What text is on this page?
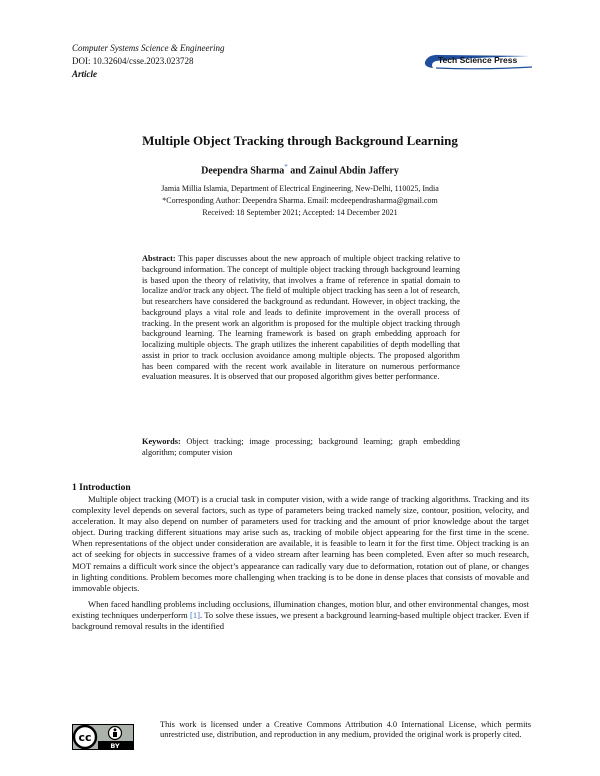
Computer Systems Science & Engineering
DOI: 10.32604/csse.2023.023728
Article
Tech Science Press
Multiple Object Tracking through Background Learning
Deependra Sharma* and Zainul Abdin Jaffery
Jamia Millia Islamia, Department of Electrical Engineering, New-Delhi, 110025, India
*Corresponding Author: Deependra Sharma. Email: mcdeependrasharma@gmail.com
Received: 18 September 2021; Accepted: 14 December 2021
Abstract: This paper discusses about the new approach of multiple object tracking relative to background information. The concept of multiple object tracking through background learning is based upon the theory of relativity, that involves a frame of reference in spatial domain to localize and/or track any object. The field of multiple object tracking has seen a lot of research, but researchers have considered the background as redundant. However, in object tracking, the background plays a vital role and leads to definite improvement in the overall process of tracking. In the present work an algorithm is proposed for the multiple object tracking through background learning. The learning framework is based on graph embedding approach for localizing multiple objects. The graph utilizes the inherent capabilities of depth modelling that assist in prior to track occlusion avoidance among multiple objects. The proposed algorithm has been compared with the recent work available in literature on numerous performance evaluation measures. It is observed that our proposed algorithm gives better performance.
Keywords: Object tracking; image processing; background learning; graph embedding algorithm; computer vision
1 Introduction

Multiple object tracking (MOT) is a crucial task in computer vision, with a wide range of tracking algorithms. Tracking and its complexity level depends on several factors, such as type of parameters being tracked namely size, contour, position, velocity, and acceleration. It may also depend on number of parameters used for tracking and the amount of prior knowledge about the target object. During tracking different situations may arise such as, tracking of mobile object appearing for the first time in the scene. When representations of the object under consideration are available, it is feasible to learn it for the first time. Object tracking is an act of seeking for objects in successive frames of a video stream after learning has been completed. Even after so much research, MOT remains a difficult work since the object’s appearance can radically vary due to deformation, rotation out of plane, or changes in lighting conditions. Problem becomes more challenging when tracking is to be done in dense places that consists of movable and immovable objects.

When faced handling problems including occlusions, illumination changes, motion blur, and other environmental changes, most existing techniques underperform [1]. To solve these issues, we present a background learning-based multiple object tracker. Even if background removal results in the identified

cc
BY
This work is licensed under a Creative Commons Attribution 4.0 International License, which permits unrestricted use, distribution, and reproduction in any medium, provided the original work is properly cited.
